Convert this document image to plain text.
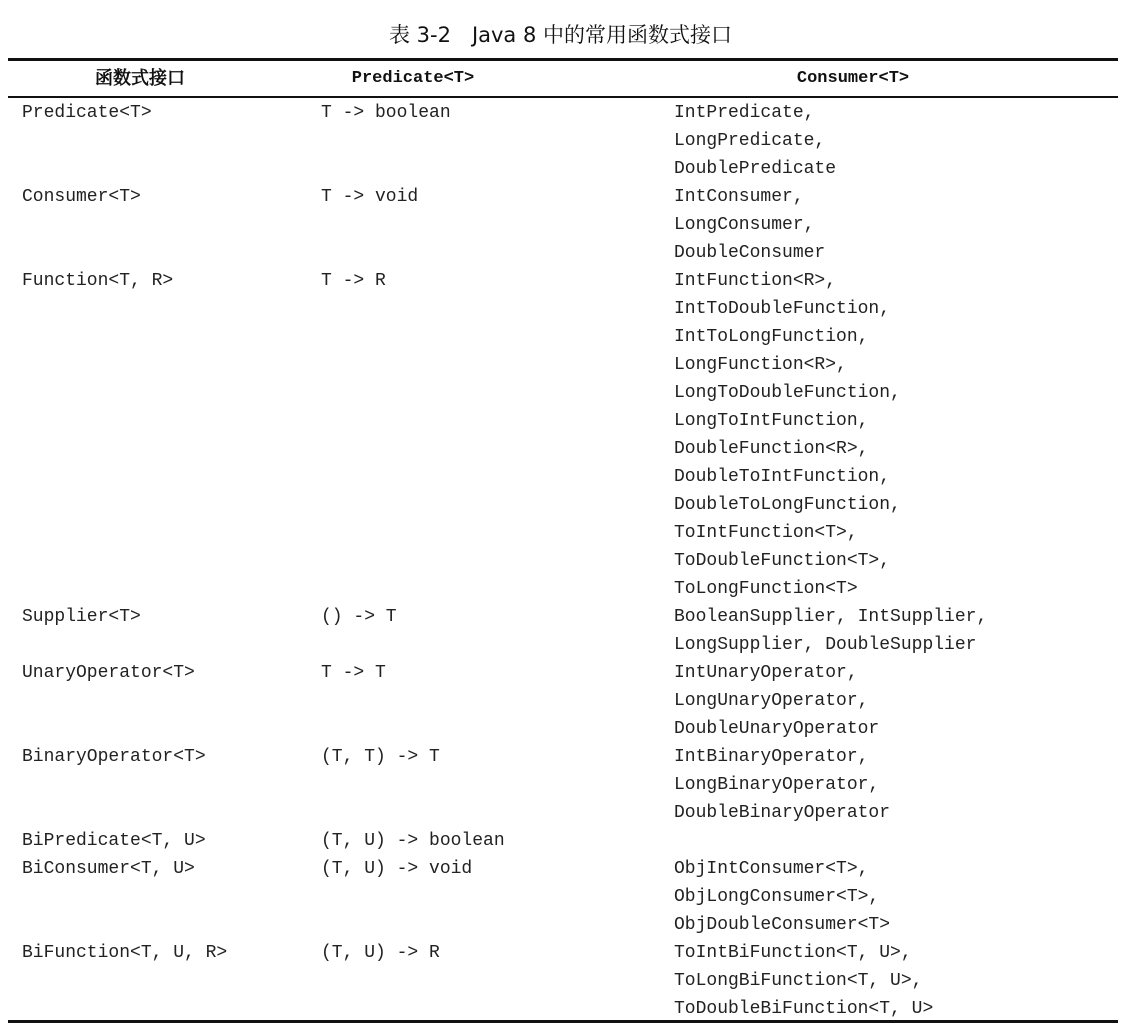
表 3-2　Java 8 中的常用函数式接口
函数式接口	Predicate<T>	Consumer<T>
Predicate<T>	T -> boolean	IntPredicate,
LongPredicate,
DoublePredicate
Consumer<T>	T -> void	IntConsumer,
LongConsumer,
DoubleConsumer
Function<T, R>	T -> R	IntFunction<R>,
IntToDoubleFunction,
IntToLongFunction,
LongFunction<R>,
LongToDoubleFunction,
LongToIntFunction,
DoubleFunction<R>,
DoubleToIntFunction,
DoubleToLongFunction,
ToIntFunction<T>,
ToDoubleFunction<T>,
ToLongFunction<T>
Supplier<T>	() -> T	BooleanSupplier, IntSupplier,
LongSupplier, DoubleSupplier
UnaryOperator<T>	T -> T	IntUnaryOperator,
LongUnaryOperator,
DoubleUnaryOperator
BinaryOperator<T>	(T, T) -> T	IntBinaryOperator,
LongBinaryOperator,
DoubleBinaryOperator
BiPredicate<T, U>	(T, U) -> boolean
BiConsumer<T, U>	(T, U) -> void	ObjIntConsumer<T>,
ObjLongConsumer<T>,
ObjDoubleConsumer<T>
BiFunction<T, U, R>	(T, U) -> R	ToIntBiFunction<T, U>,
ToLongBiFunction<T, U>,
ToDoubleBiFunction<T, U>
